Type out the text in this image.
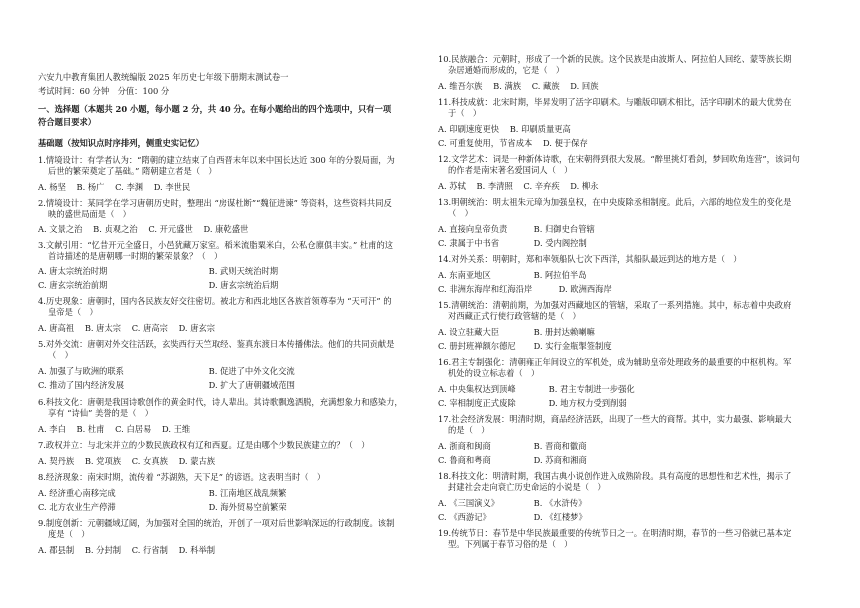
六安九中教育集团人教统编版 2025 年历史七年级下册期末测试卷一
考试时间：60 分钟　分值：100 分
一、选择题（本题共 20 小题，每小题 2 分，共 40 分。在每小题给出的四个选项中，只有一项
符合题目要求）
基础题（按知识点时序排列，侧重史实记忆）
1.情境设计：有学者认为：“隋朝的建立结束了自西晋末年以来中国长达近 300 年的分裂局面，为
后世的繁荣奠定了基础。” 隋朝建立者是（　）
A. 杨坚 B. 杨广 C. 李渊 D. 李世民
2.情境设计：某同学在学习唐朝历史时，整理出 “房谋杜断”“魏征进谏” 等资料，这些资料共同反
映的盛世局面是（　）
A. 文景之治 B. 贞观之治 C. 开元盛世 D. 康乾盛世
3.文献引用：“忆昔开元全盛日，小邑犹藏万家室。稻米流脂粟米白，公私仓廪俱丰实。” 杜甫的这
首诗描述的是唐朝哪一时期的繁荣景象？（　）
A. 唐太宗统治时期	B. 武则天统治时期
C. 唐玄宗统治前期	D. 唐玄宗统治后期
4.历史现象：唐朝时，国内各民族友好交往密切。被北方和西北地区各族首领尊奉为 “天可汗” 的
皇帝是（　）
A. 唐高祖 B. 唐太宗 C. 唐高宗 D. 唐玄宗
5.对外交流：唐朝对外交往活跃，玄奘西行天竺取经、鉴真东渡日本传播佛法。他们的共同贡献是
（　）
A. 加强了与欧洲的联系	B. 促进了中外文化交流
C. 推动了国内经济发展	D. 扩大了唐朝疆域范围
6.科技文化：唐朝是我国诗歌创作的黄金时代，诗人辈出。其诗歌飘逸洒脱，充满想象力和感染力，
享有 “诗仙” 美誉的是（　）
A. 李白 B. 杜甫 C. 白居易 D. 王维
7.政权并立：与北宋并立的少数民族政权有辽和西夏。辽是由哪个少数民族建立的？（　）
A. 契丹族 B. 党项族 C. 女真族 D. 蒙古族
8.经济现象：南宋时期，流传着 “苏湖熟，天下足” 的谚语。这表明当时（　）
A. 经济重心南移完成	B. 江南地区战乱频繁
C. 北方农业生产停滞	D. 海外贸易空前繁荣
9.制度创新：元朝疆域辽阔，为加强对全国的统治，开创了一项对后世影响深远的行政制度。该制
度是（　）
A. 郡县制 B. 分封制 C. 行省制 D. 科举制
10.民族融合：元朝时，形成了一个新的民族。这个民族是由波斯人、阿拉伯人回纥、蒙等族长期
杂居通婚而形成的，它是（　）
A. 维吾尔族 B. 满族 C. 藏族 D. 回族
11.科技成就：北宋时期，毕昇发明了活字印刷术。与雕版印刷术相比，活字印刷术的最大优势在
于（　）
A. 印刷速度更快 B. 印刷质量更高
C. 可重复使用，节省成本 D. 便于保存
12.文学艺术：词是一种新体诗歌，在宋朝得到很大发展。“醉里挑灯看剑，梦回吹角连营”，该词句
的作者是南宋著名爱国词人（　）
A. 苏轼 B. 李清照 C. 辛弃疾 D. 柳永
13.明朝统治：明太祖朱元璋为加强皇权，在中央废除丞相制度。此后，六部的地位发生的变化是
（　）
A. 直接向皇帝负责	B. 归御史台管辖
C. 隶属于中书省	D. 受内阁控制
14.对外关系：明朝时，郑和率领船队七次下西洋，其船队最远到达的地方是（　）
A. 东南亚地区	B. 阿拉伯半岛
C. 非洲东海岸和红海沿岸	D. 欧洲西海岸
15.清朝统治：清朝前期，为加强对西藏地区的管辖，采取了一系列措施。其中，标志着中央政府
对西藏正式行使行政管辖的是（　）
A. 设立驻藏大臣	B. 册封达赖喇嘛
C. 册封班禅额尔德尼 D. 实行金瓶掣签制度
16.君主专制强化：清朝雍正年间设立的军机处，成为辅助皇帝处理政务的最重要的中枢机构。军
机处的设立标志着（　）
A. 中央集权达到顶峰	B. 君主专制进一步强化
C. 宰相制度正式废除	D. 地方权力受到削弱
17.社会经济发展：明清时期，商品经济活跃，出现了一些大的商帮。其中，实力最强、影响最大
的是（　）
A. 浙商和闽商	B. 晋商和徽商
C. 鲁商和粤商	D. 苏商和湘商
18.科技文化：明清时期，我国古典小说创作进入成熟阶段。具有高度的思想性和艺术性，揭示了
封建社会走向衰亡历史命运的小说是（　）
A. 《三国演义》	B. 《水浒传》
C. 《西游记》	D. 《红楼梦》
19.传统节日：春节是中华民族最重要的传统节日之一。在明清时期，春节的一些习俗就已基本定
型。下列属于春节习俗的是（　）
